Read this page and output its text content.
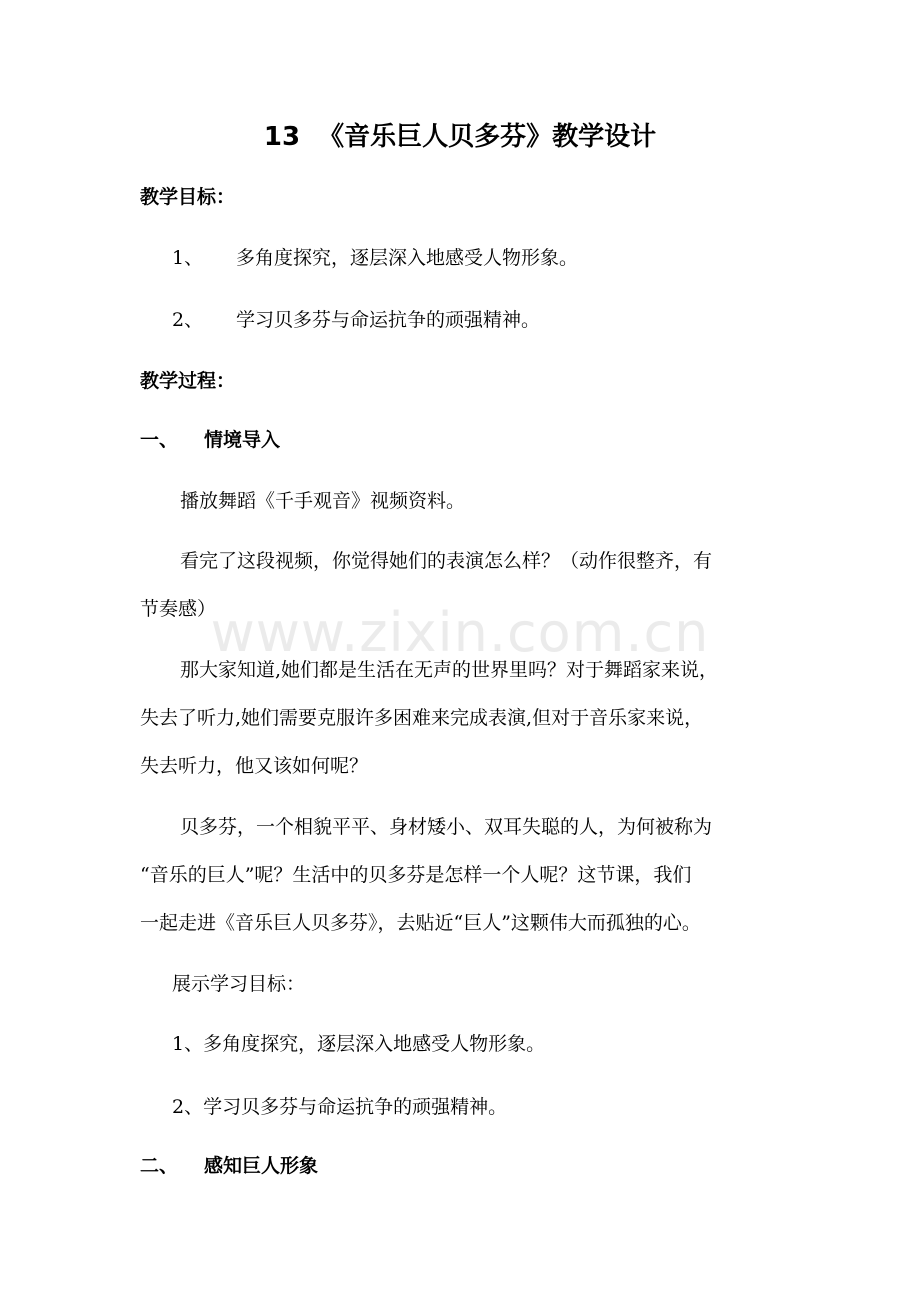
www.zixin.com.cn
13 《音乐巨人贝多芬》教学设计
教学目标：
1、 多角度探究，逐层深入地感受人物形象。
2、 学习贝多芬与命运抗争的顽强精神。
教学过程：
一、 情境导入
播放舞蹈《千手观音》视频资料。
看完了这段视频，你觉得她们的表演怎么样？（动作很整齐，有
节奏感）
那大家知道,她们都是生活在无声的世界里吗？对于舞蹈家来说，
失去了听力,她们需要克服许多困难来完成表演,但对于音乐家来说，
失去听力，他又该如何呢？
贝多芬，一个相貌平平、身材矮小、双耳失聪的人，为何被称为
“音乐的巨人”呢？生活中的贝多芬是怎样一个人呢？这节课，我们
一起走进《音乐巨人贝多芬》，去贴近“巨人”这颗伟大而孤独的心。
展示学习目标：
1、多角度探究，逐层深入地感受人物形象。
2、学习贝多芬与命运抗争的顽强精神。
二、 感知巨人形象
